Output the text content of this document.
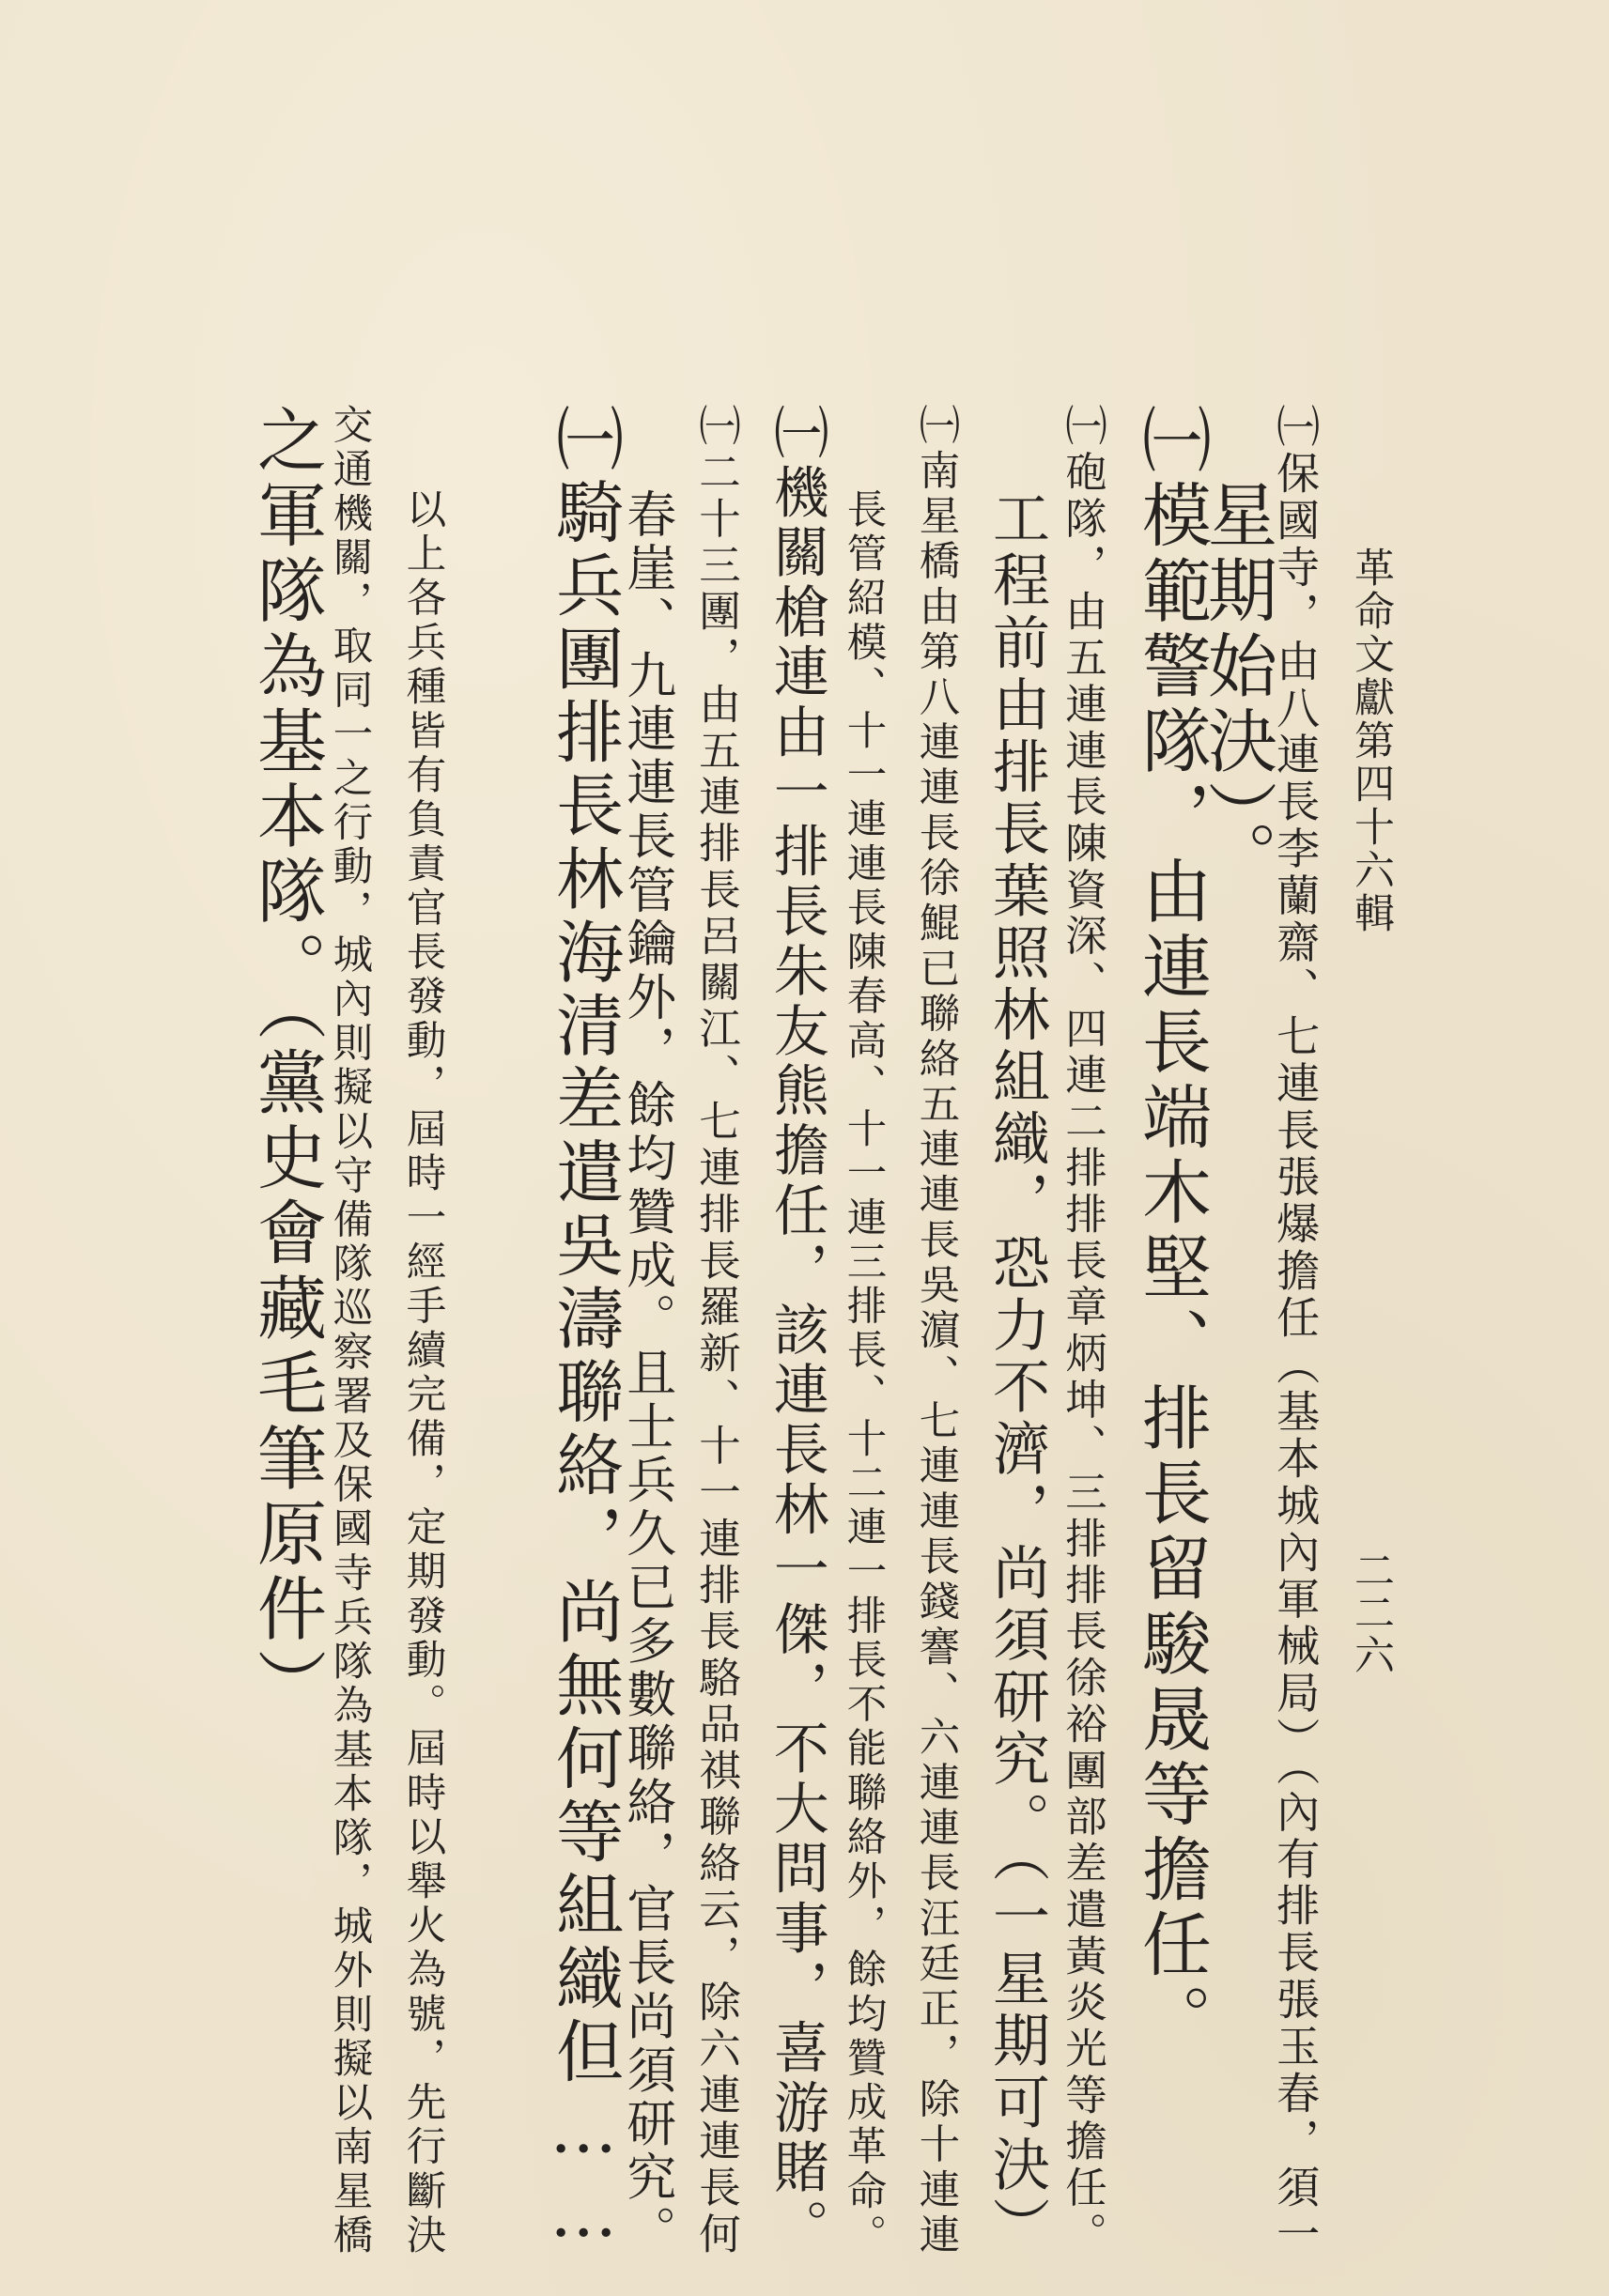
革命文獻第四十六輯
二二六
㈠保國寺，由八連長李蘭齋、七連長張爆擔任（基本城內軍械局）（內有排長張玉春，須一
星期始決）。
㈠模範警隊，由連長端木堅、排長留駿晟等擔任。
㈠砲隊，由五連連長陳資深、四連二排排長章炳坤、三排排長徐裕團部差遣黃炎光等擔任。
工程前由排長葉照林組織，恐力不濟，尚須研究。（一星期可決）
㈠南星橋由第八連連長徐鯤已聯絡五連連長吳濵、七連連長錢謇、六連連長汪廷正，除十連連
長管紹模、十一連連長陳春高、十一連三排長、十二連一排長不能聯絡外，餘均贊成革命。
㈠機關槍連由一排長朱友熊擔任，該連長林一傑，不大問事，喜游賭。
㈠二十三團，由五連排長呂關江、七連排長羅新、十一連排長駱品祺聯絡云，除六連連長何
春崖、九連連長管鑰外，餘均贊成。且士兵久已多數聯絡，官長尚須研究。
㈠騎兵團排長林海清差遣吳濤聯絡，尚無何等組織但……
以上各兵種皆有負責官長發動，屆時一經手續完備，定期發動。屆時以舉火為號，先行斷決
交通機關，取同一之行動，城內則擬以守備隊巡察署及保國寺兵隊為基本隊，城外則擬以南星橋
之軍隊為基本隊。（黨史會藏毛筆原件）
